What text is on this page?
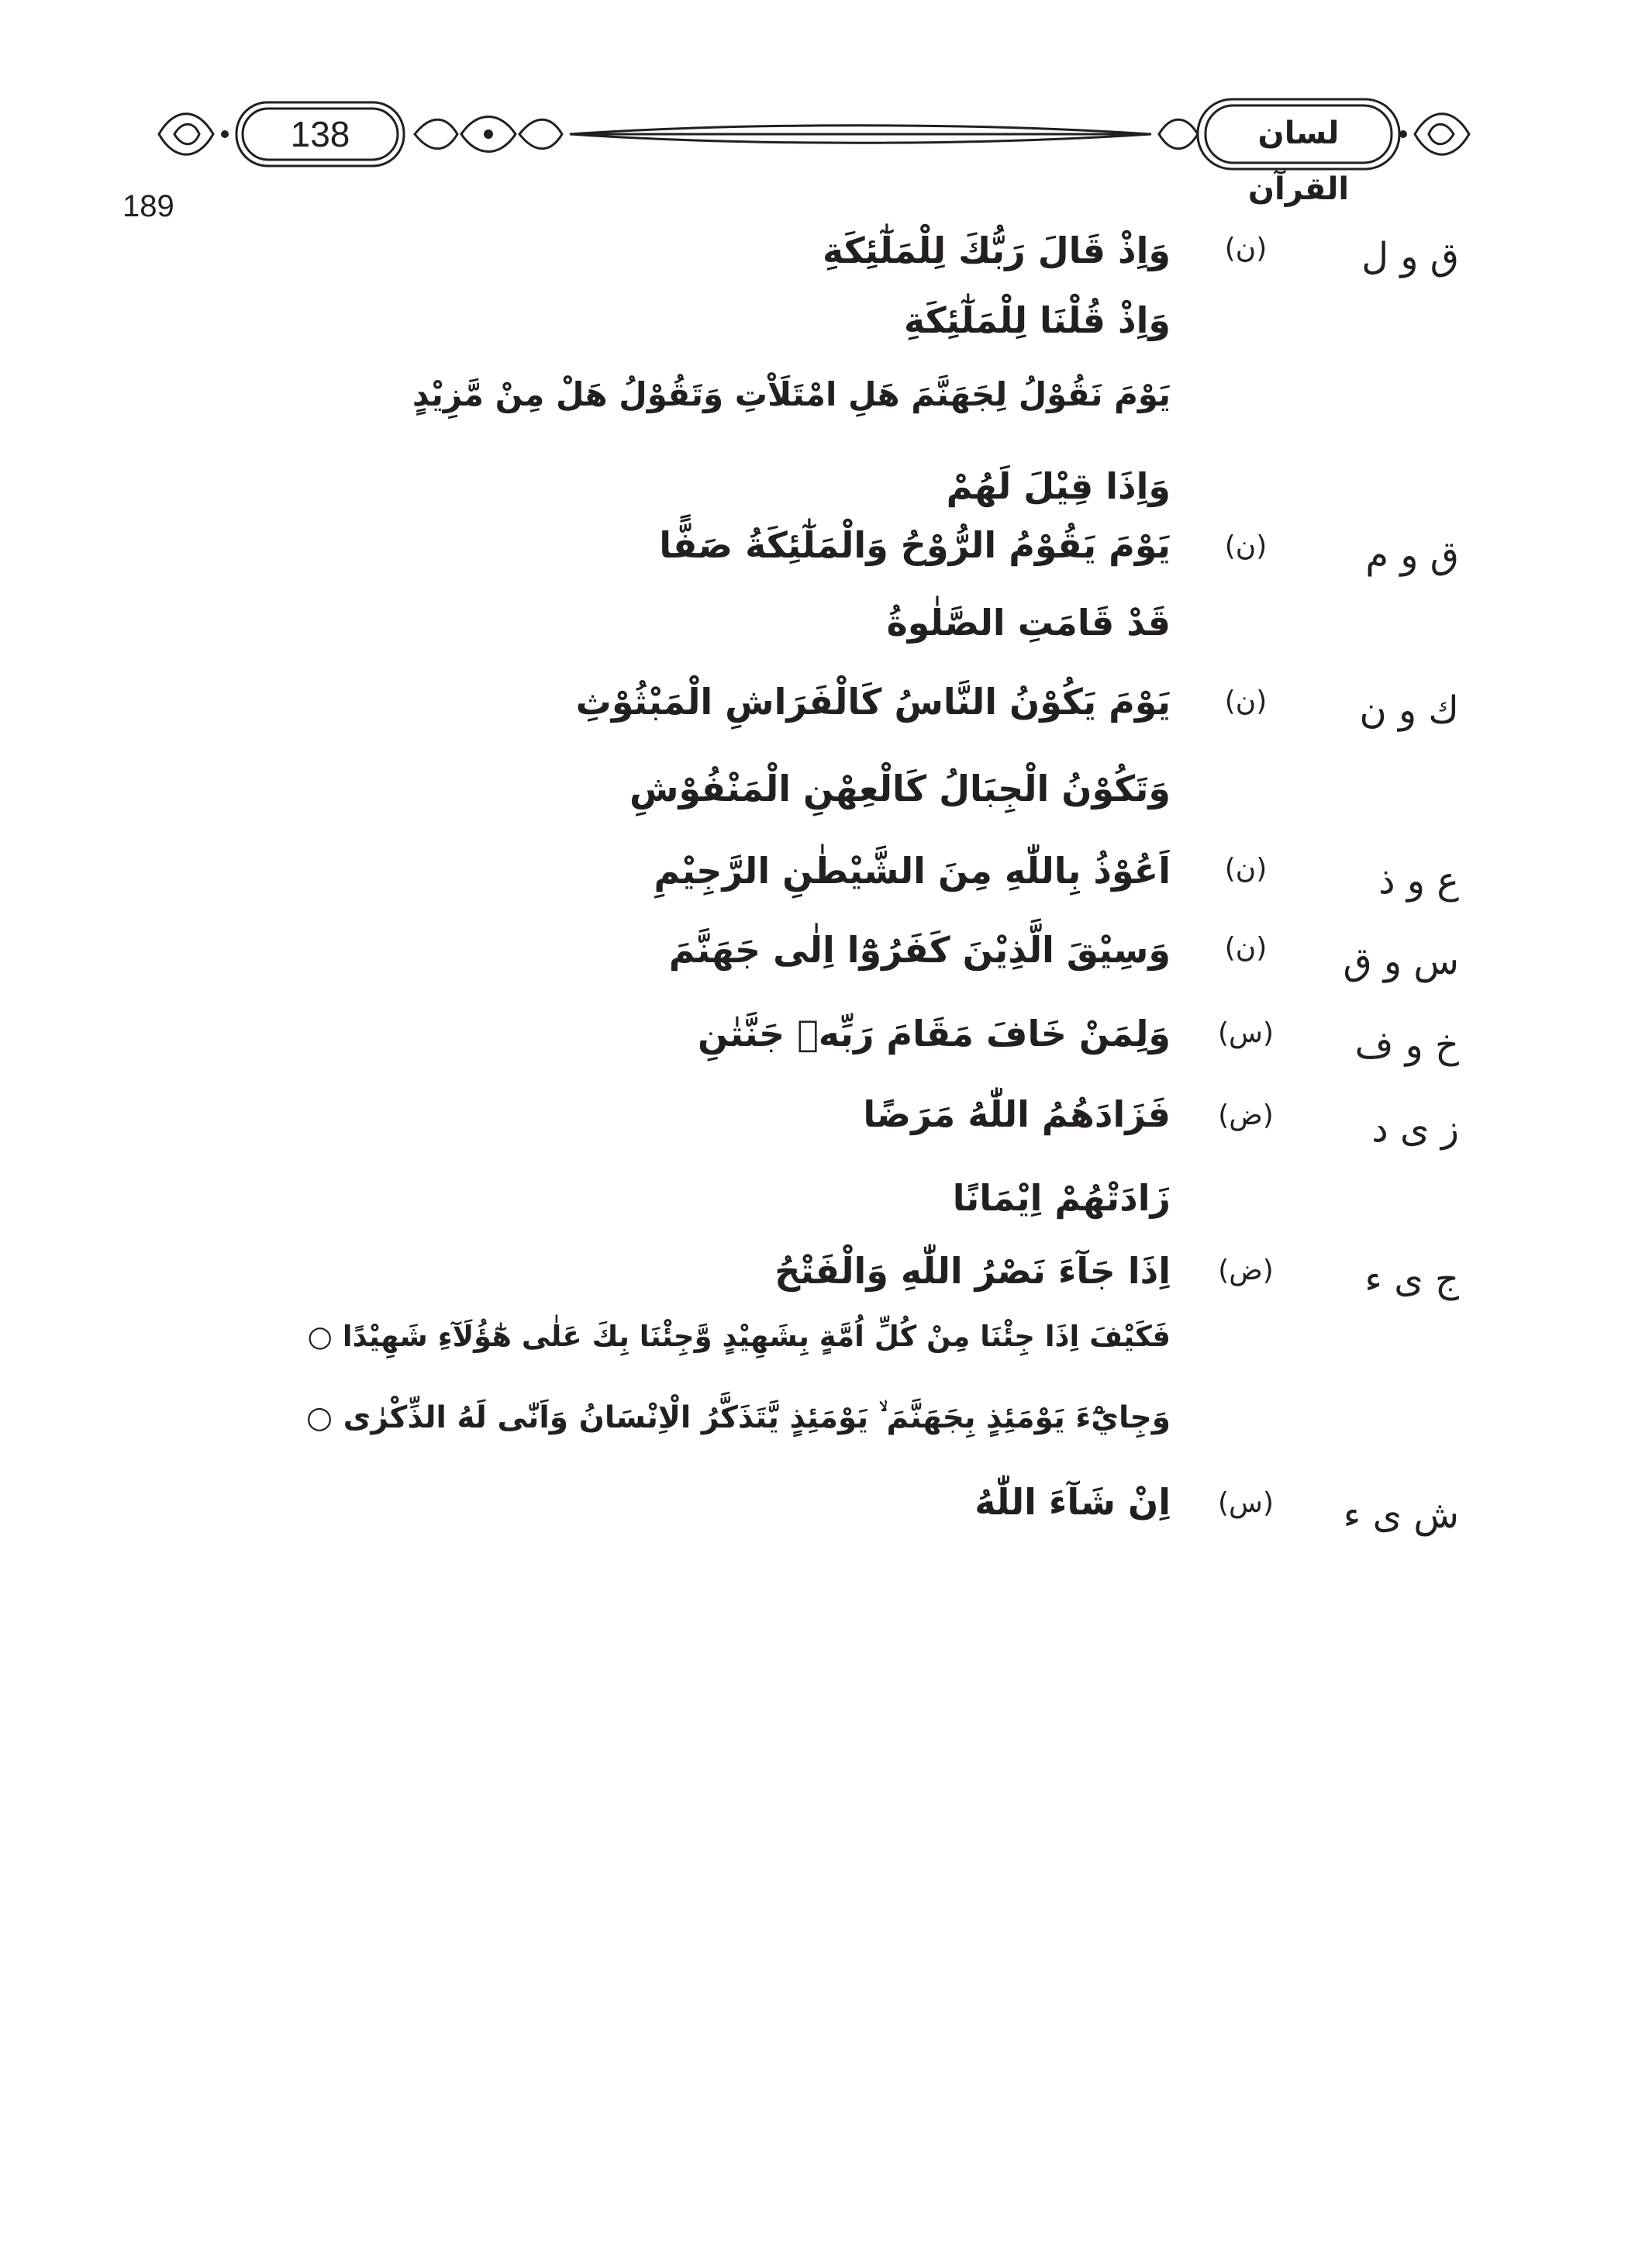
138	لسان القرآن
189
ق و ل
(ن)
وَاِذْ قَالَ رَبُّكَ لِلْمَلٰٓئِكَةِ
وَاِذْ قُلْنَا لِلْمَلٰٓئِكَةِ
يَوْمَ نَقُوْلُ لِجَهَنَّمَ هَلِ امْتَلَاْتِ وَتَقُوْلُ هَلْ مِنْ مَّزِيْدٍ
وَاِذَا قِيْلَ لَهُمْ
ق و م
(ن)
يَوْمَ يَقُوْمُ الرُّوْحُ وَالْمَلٰٓئِكَةُ صَفًّا
قَدْ قَامَتِ الصَّلٰوةُ
ك و ن
(ن)
يَوْمَ يَكُوْنُ النَّاسُ كَالْفَرَاشِ الْمَبْثُوْثِ
وَتَكُوْنُ الْجِبَالُ كَالْعِهْنِ الْمَنْفُوْشِ
ع و ذ
(ن)
اَعُوْذُ بِاللّٰهِ مِنَ الشَّيْطٰنِ الرَّجِيْمِ
س و ق
(ن)
وَسِيْقَ الَّذِيْنَ كَفَرُوْٓا اِلٰى جَهَنَّمَ
خ و ف
(س)
وَلِمَنْ خَافَ مَقَامَ رَبِّهٖ جَنَّتٰنِ
ز ى د
(ض)
فَزَادَهُمُ اللّٰهُ مَرَضًا
زَادَتْهُمْ اِيْمَانًا
ج ى ء
(ض)
اِذَا جَآءَ نَصْرُ اللّٰهِ وَالْفَتْحُ
فَكَيْفَ اِذَا جِئْنَا مِنْ كُلِّ اُمَّةٍ بِشَهِيْدٍ وَّجِئْنَا بِكَ عَلٰى هٰٓؤُلَآءِ شَهِيْدًا ○
وَجِايْٓءَ يَوْمَئِذٍ بِجَهَنَّمَ ۙ يَوْمَئِذٍ يَّتَذَكَّرُ الْاِنْسَانُ وَاَنّٰى لَهُ الذِّكْرٰى ○
ش ى ء
(س)
اِنْ شَآءَ اللّٰهُ
